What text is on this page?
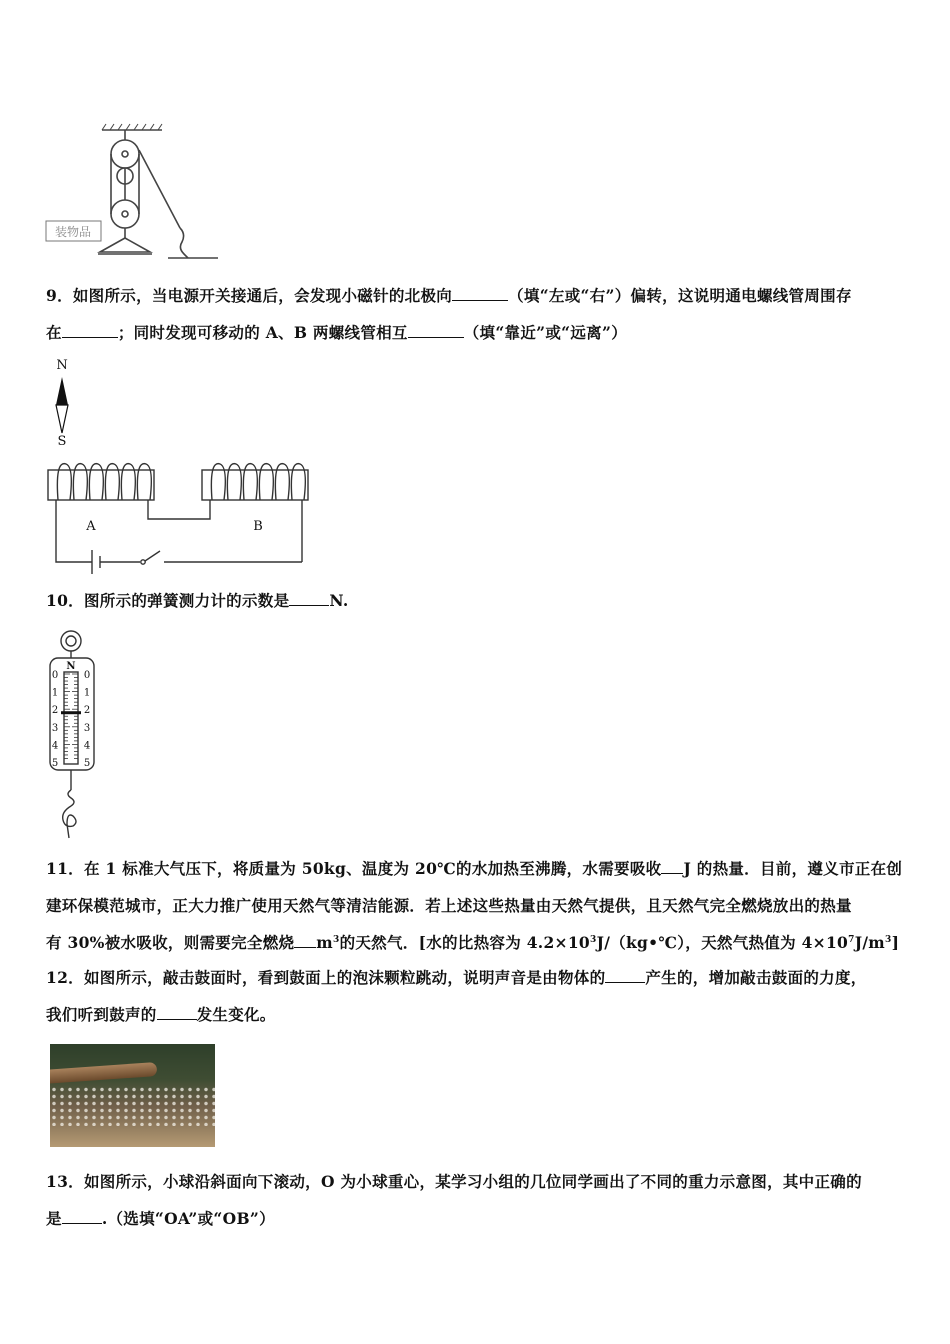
装物品

9．如图所示，当电源开关接通后，会发现小磁针的北极向	（填“左或“右”）偏转，这说明通电螺线管周围存

在	；同时发现可移动的 A、B 两螺线管相互	（填“靠近”或“远离”）

N
S
A	B

10．图所示的弹簧测力计的示数是	N.

N
0	0
1	1
2	2
3	3
4	4
5	5

11．在 1 标准大气压下，将质量为 50kg、温度为 20℃的水加热至沸腾，水需要吸收 J 的热量．目前，遵义市正在创

建环保模范城市，正大力推广使用天然气等清洁能源．若上述这些热量由天然气提供，且天然气完全燃烧放出的热量

有 30%被水吸收，则需要完全燃烧 $m^3$的天然气．[水的比热容为 $4.2\times 10^3J/(kg•℃)$，天然气热值为 $4\times 10^7J/m^3$]

12．如图所示，敲击鼓面时，看到鼓面上的泡沫颗粒跳动，说明声音是由物体的	产生的，增加敲击鼓面的力度，

我们听到鼓声的	发生变化。

13．如图所示，小球沿斜面向下滚动，O 为小球重心，某学习小组的几位同学画出了不同的重力示意图，其中正确的

是	.（选填“OA”或“OB”）
